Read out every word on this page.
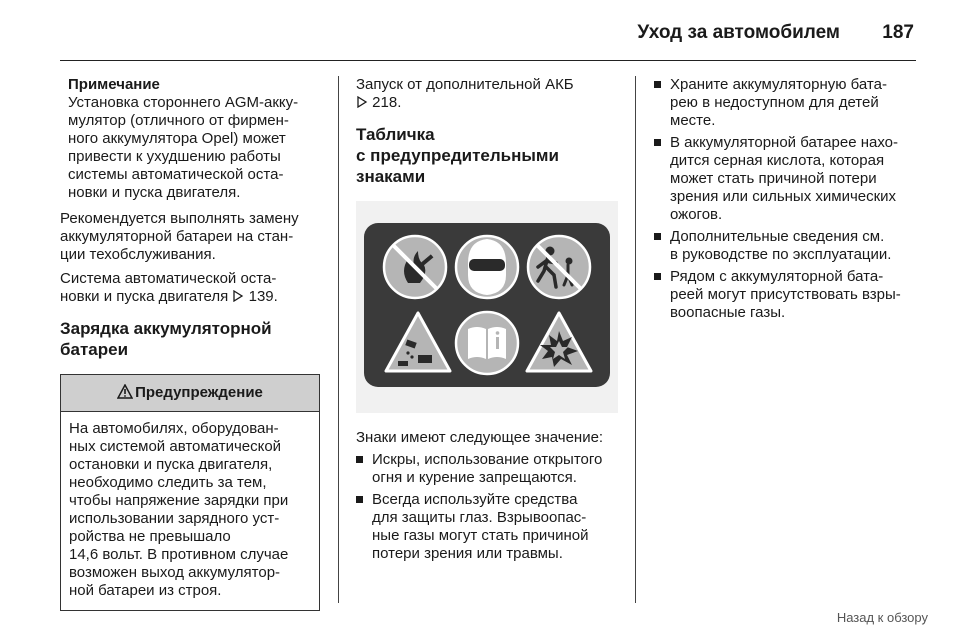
Уход за автомобилем 187

Примечание

Установка стороннего AGM-акку-

мулятор (отличного от фирмен-

ного аккумулятора Opel) может

привести к ухудшению работы

системы автоматической оста-

новки и пуска двигателя.

Рекомендуется выполнять замену

аккумуляторной батареи на стан-

ции техобслуживания.

Система автоматической оста-

новки и пуска двигателя 139.

Зарядка аккумуляторной
батареи
Предупреждение

На автомобилях, оборудован-

ных системой автоматической

остановки и пуска двигателя,

необходимо следить за тем,

чтобы напряжение зарядки при

использовании зарядного уст-

ройства не превышало

14,6 вольт. В противном случае

возможен выход аккумулятор-

ной батареи из строя.

Запуск от дополнительной АКБ

218.

Табличка
с предупредительными
знаками

Знаки имеют следующее значение:

Искры, использование открытого

огня и курение запрещаются.

Всегда используйте средства

для защиты глаз. Взрывоопас-

ные газы могут стать причиной

потери зрения или травмы.

Храните аккумуляторную бата-

рею в недоступном для детей

месте.

В аккумуляторной батарее нахо-

дится серная кислота, которая

может стать причиной потери

зрения или сильных химических

ожогов.

Дополнительные сведения см.

в руководстве по эксплуатации.

Рядом с аккумуляторной бата-

реей могут присутствовать взры-

воопасные газы.

Назад к обзору
